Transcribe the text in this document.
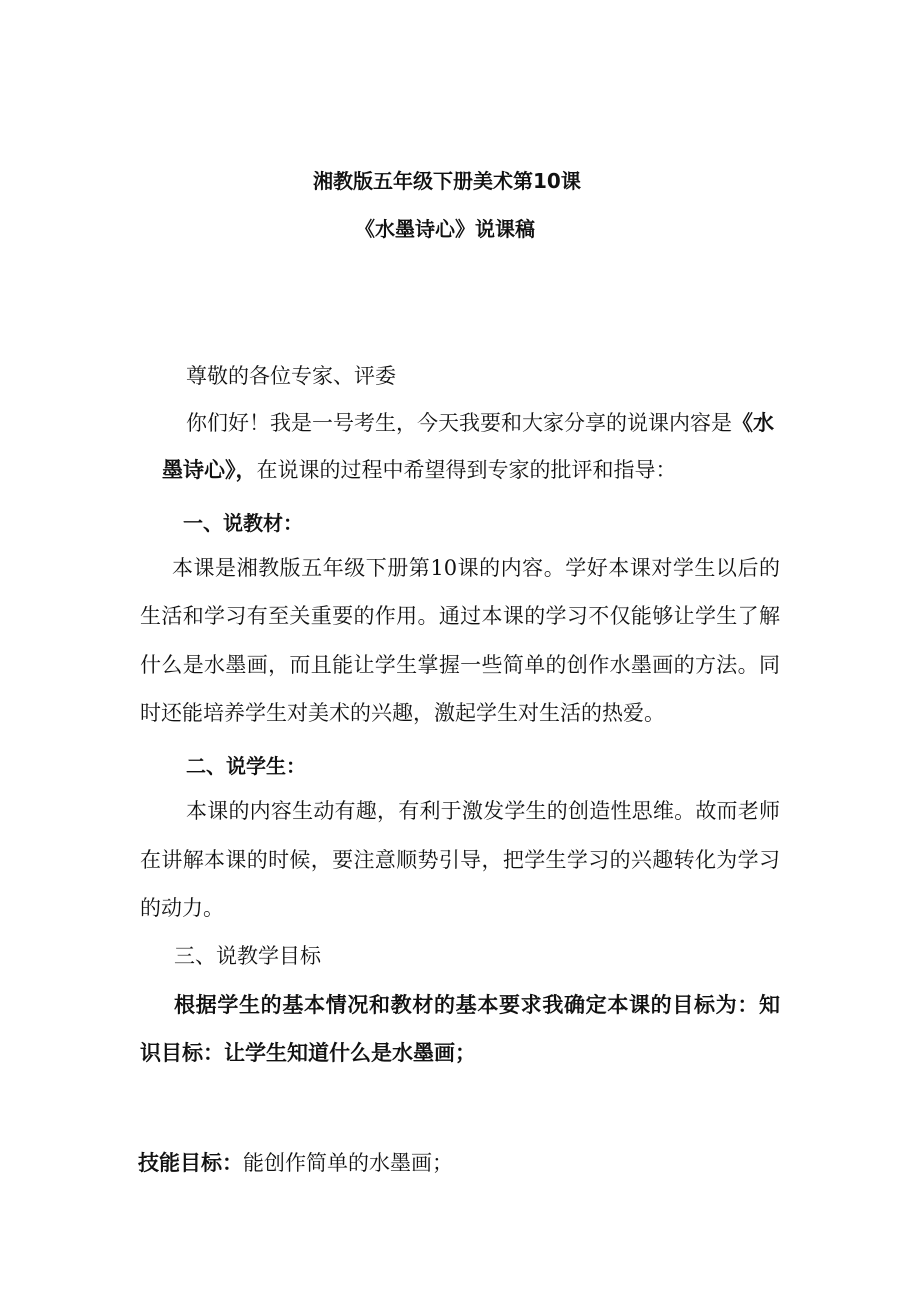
湘教版五年级下册美术第10课
《水墨诗心》说课稿
尊敬的各位专家、评委
你们好！我是一号考生，今天我要和大家分享的说课内容是《水
墨诗心》，在说课的过程中希望得到专家的批评和指导：
一、说教材：
本课是湘教版五年级下册第10课的内容。学好本课对学生以后的
生活和学习有至关重要的作用。通过本课的学习不仅能够让学生了解
什么是水墨画，而且能让学生掌握一些简单的创作水墨画的方法。同
时还能培养学生对美术的兴趣，激起学生对生活的热爱。
二、说学生：
本课的内容生动有趣，有利于激发学生的创造性思维。故而老师
在讲解本课的时候，要注意顺势引导，把学生学习的兴趣转化为学习
的动力。
三、说教学目标
根据学生的基本情况和教材的基本要求我确定本课的目标为：知
识目标：让学生知道什么是水墨画；
技能目标：能创作简单的水墨画；
